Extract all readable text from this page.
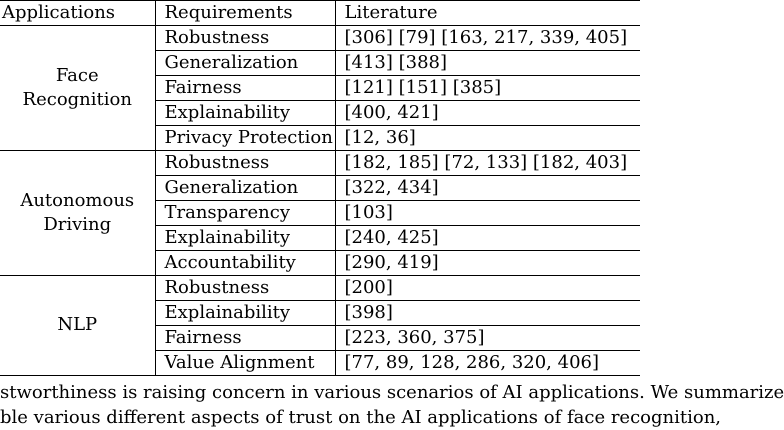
Applications	Requirements	Literature
Face Recognition	Robustness	[306] [79] [163, 217, 339, 405]
	Generalization	[413] [388]
	Fairness	[121] [151] [385]
	Explainability	[400, 421]
	Privacy Protection	[12, 36]
Autonomous Driving	Robustness	[182, 185] [72, 133] [182, 403]
	Generalization	[322, 434]
	Transparency	[103]
	Explainability	[240, 425]
	Accountability	[290, 419]
NLP	Robustness	[200]
	Explainability	[398]
	Fairness	[223, 360, 375]
	Value Alignment	[77, 89, 128, 286, 320, 406]
stworthiness is raising concern in various scenarios of AI applications. We summarize
ble various different aspects of trust on the AI applications of face recognition,
